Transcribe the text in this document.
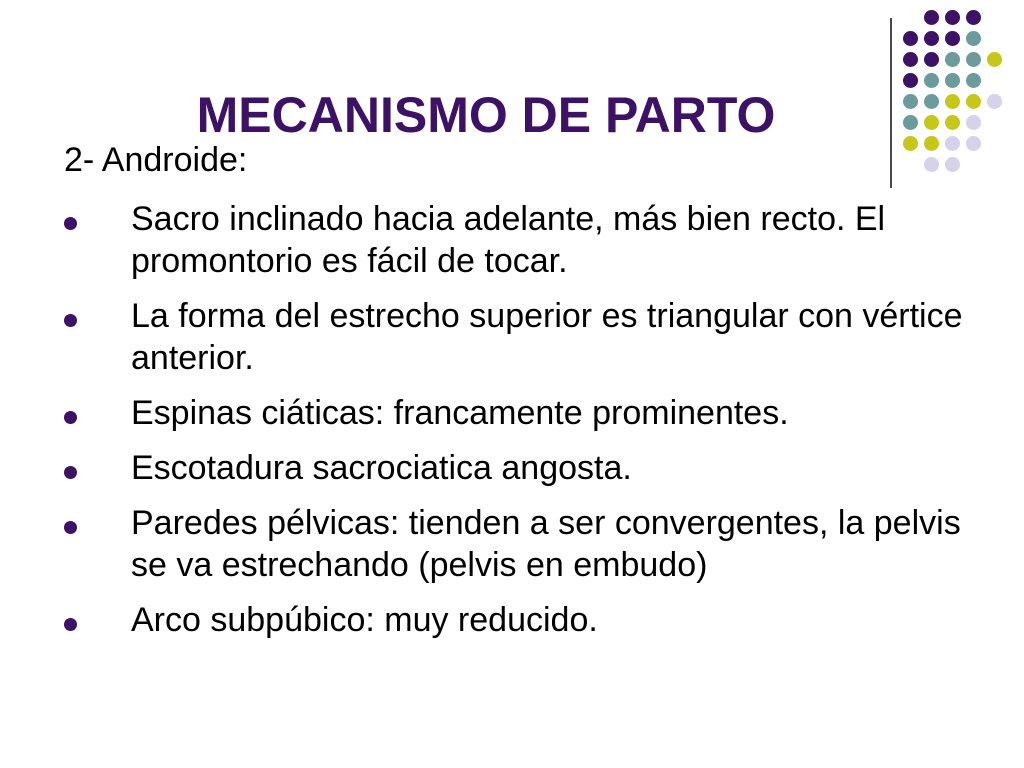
MECANISMO DE PARTO

2- Androide:

Sacro inclinado hacia adelante, más bien recto. El promontorio es fácil de tocar.
La forma del estrecho superior es triangular con vértice anterior.
Espinas ciáticas: francamente prominentes.
Escotadura sacrociatica angosta.
Paredes pélvicas: tienden a ser convergentes, la pelvis se va estrechando (pelvis en embudo)
Arco subpúbico: muy reducido.
